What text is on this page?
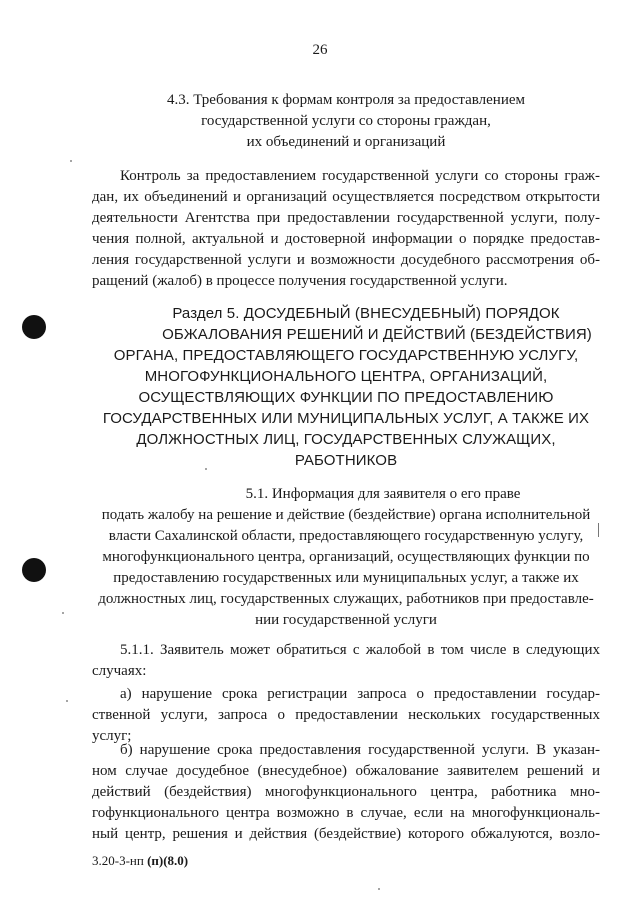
26
4.3. Требования к формам контроля за предоставлением
государственной услуги со стороны граждан,
их объединений и организаций
Контроль за предоставлением государственной услуги со стороны граж-
дан, их объединений и организаций осуществляется посредством открытости
деятельности Агентства при предоставлении государственной услуги, полу-
чения полной, актуальной и достоверной информации о порядке предостав-
ления государственной услуги и возможности досудебного рассмотрения об-
ращений (жалоб) в процессе получения государственной услуги.
Раздел 5. ДОСУДЕБНЫЙ (ВНЕСУДЕБНЫЙ) ПОРЯДОК
ОБЖАЛОВАНИЯ РЕШЕНИЙ И ДЕЙСТВИЙ (БЕЗДЕЙСТВИЯ)
ОРГАНА, ПРЕДОСТАВЛЯЮЩЕГО ГОСУДАРСТВЕННУЮ УСЛУГУ,
МНОГОФУНКЦИОНАЛЬНОГО ЦЕНТРА, ОРГАНИЗАЦИЙ,
ОСУЩЕСТВЛЯЮЩИХ ФУНКЦИИ ПО ПРЕДОСТАВЛЕНИЮ
ГОСУДАРСТВЕННЫХ ИЛИ МУНИЦИПАЛЬНЫХ УСЛУГ, А ТАКЖЕ ИХ
ДОЛЖНОСТНЫХ ЛИЦ, ГОСУДАРСТВЕННЫХ СЛУЖАЩИХ,
РАБОТНИКОВ
5.1. Информация для заявителя о его праве
подать жалобу на решение и действие (бездействие) органа исполнительной
власти Сахалинской области, предоставляющего государственную услугу,
многофункционального центра, организаций, осуществляющих функции по
предоставлению государственных или муниципальных услуг, а также их
должностных лиц, государственных служащих, работников при предоставле-
нии государственной услуги
5.1.1. Заявитель может обратиться с жалобой в том числе в следующих
случаях:
а) нарушение срока регистрации запроса о предоставлении государ-
ственной услуги, запроса о предоставлении нескольких государственных
услуг;
б) нарушение срока предоставления государственной услуги. В указан-
ном случае досудебное (внесудебное) обжалование заявителем решений и
действий (бездействия) многофункционального центра, работника мно-
гофункционального центра возможно в случае, если на многофункциональ-
ный центр, решения и действия (бездействие) которого обжалуются, возло-
3.20-3-нп (п)(8.0)
